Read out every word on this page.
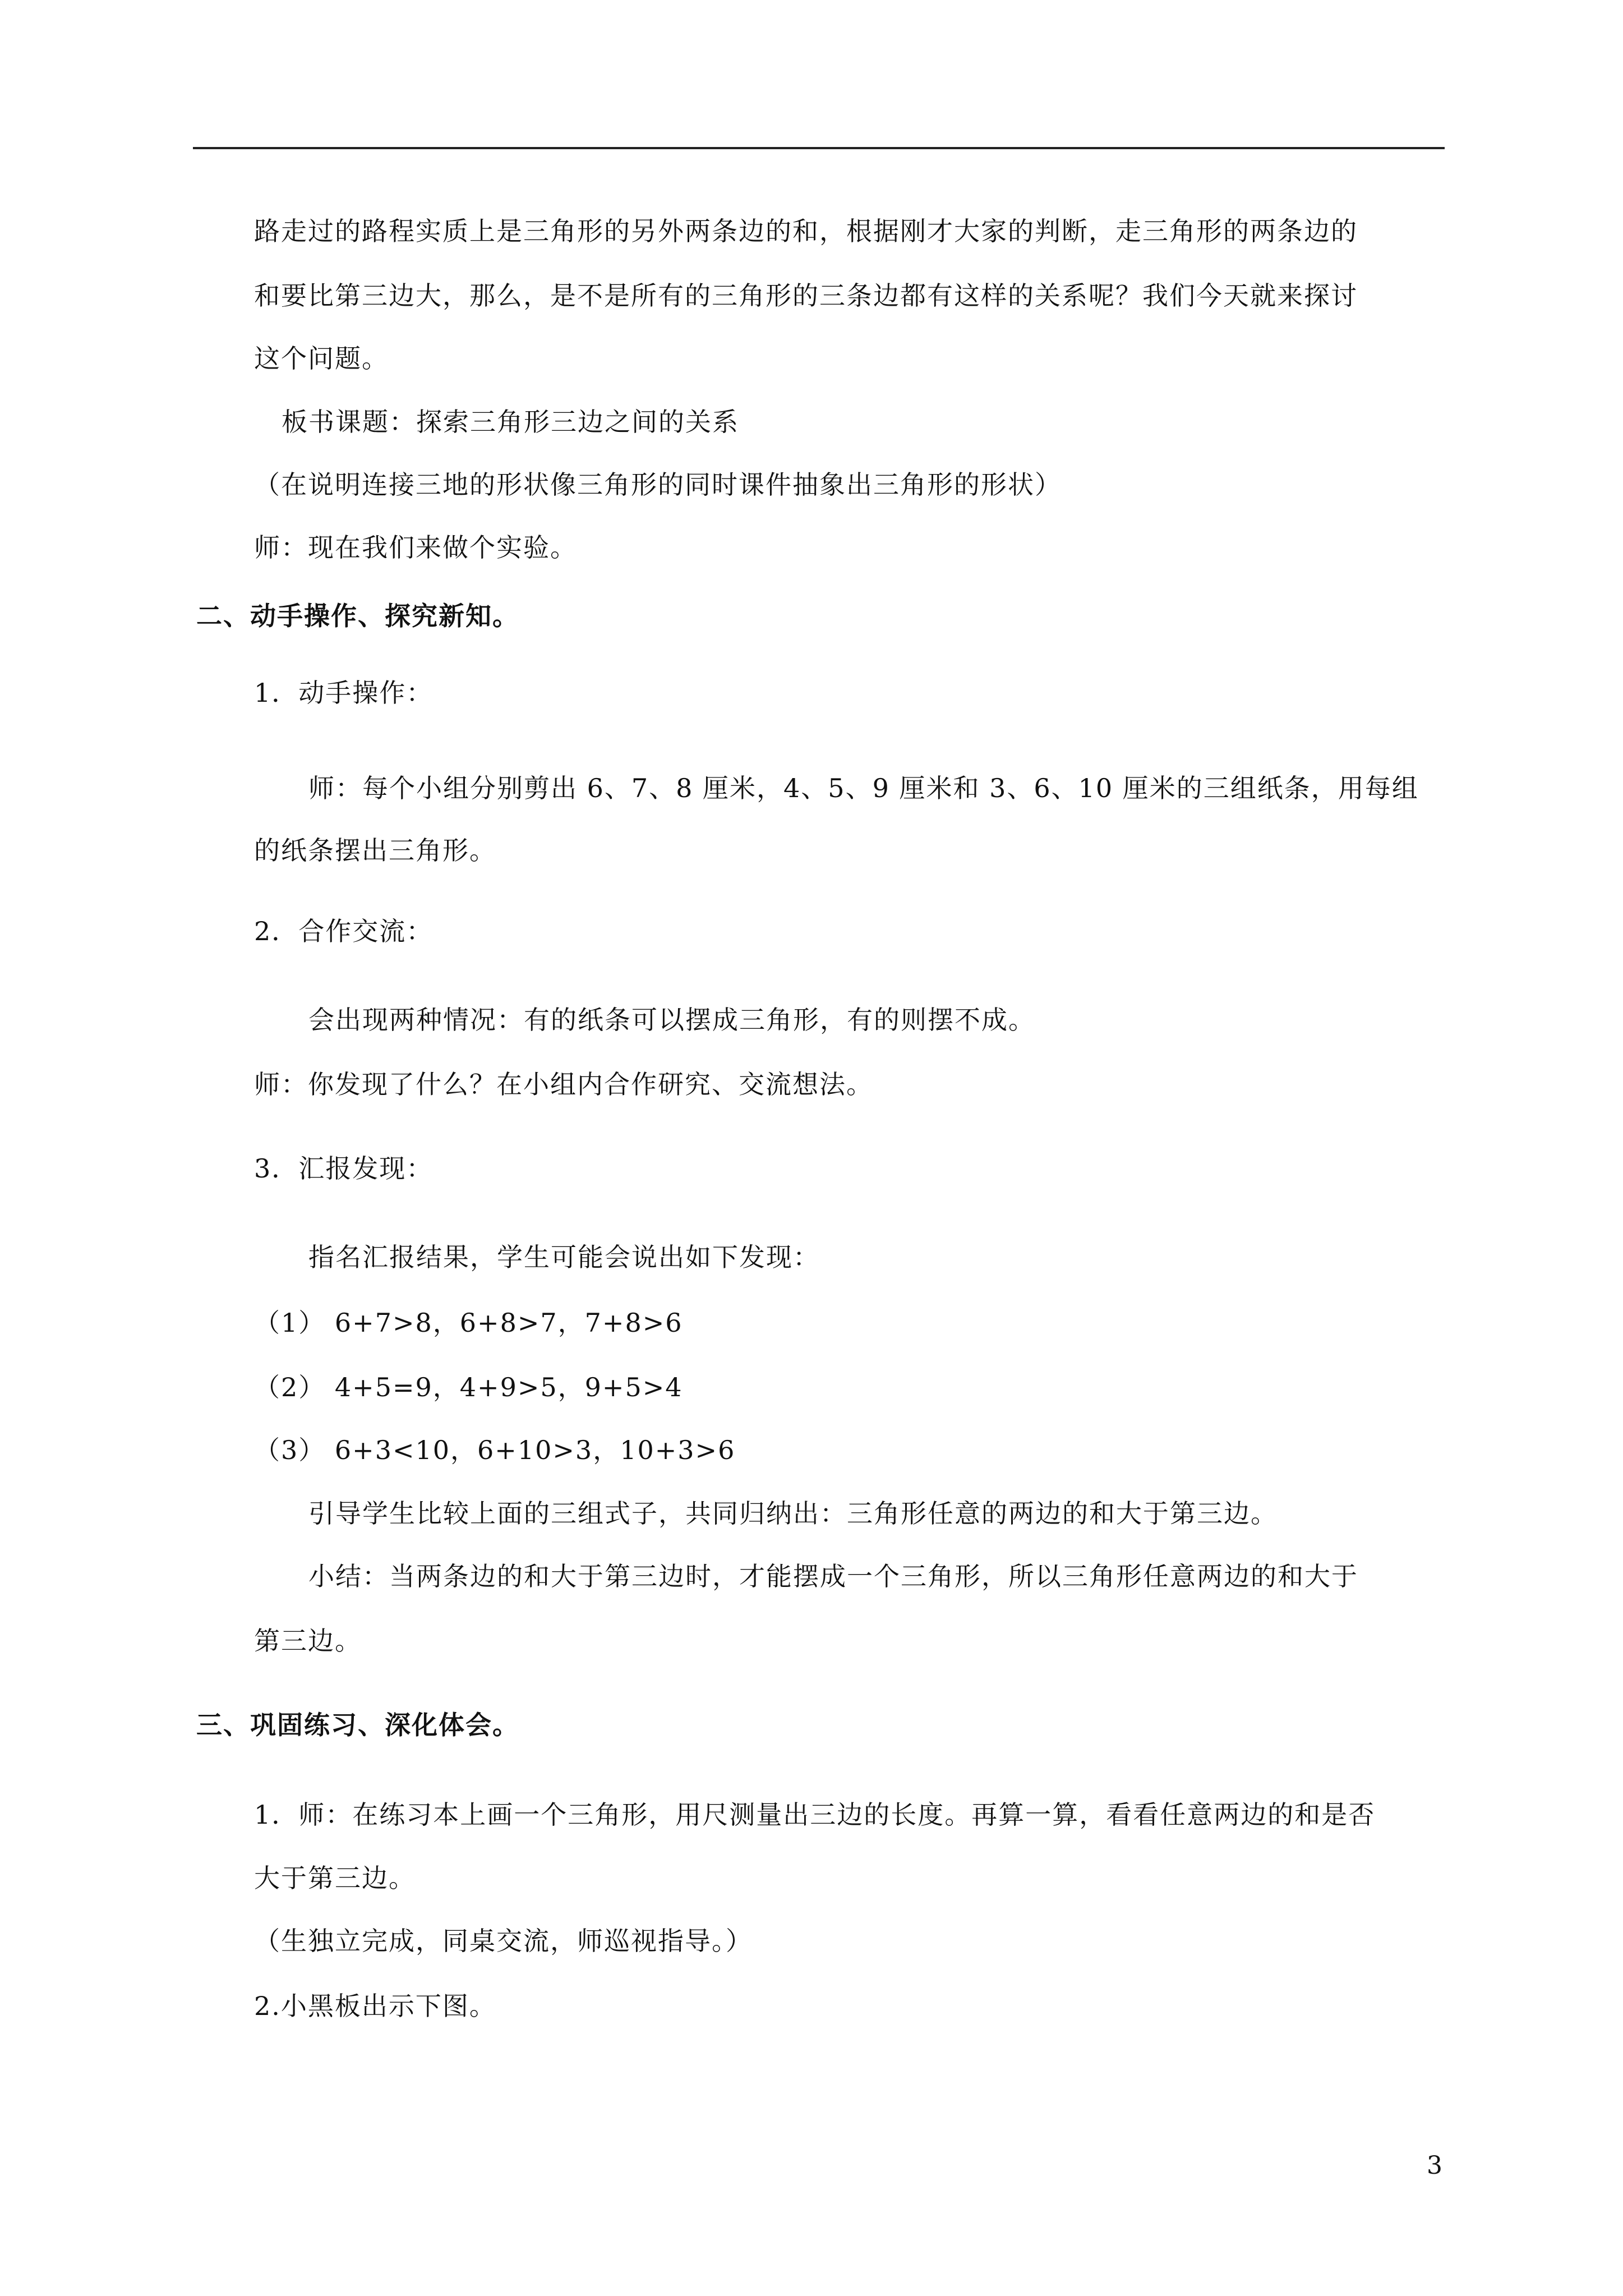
路走过的路程实质上是三角形的另外两条边的和，根据刚才大家的判断，走三角形的两条边的
和要比第三边大，那么，是不是所有的三角形的三条边都有这样的关系呢？我们今天就来探讨
这个问题。
板书课题：探索三角形三边之间的关系
（在说明连接三地的形状像三角形的同时课件抽象出三角形的形状）
师：现在我们来做个实验。
二、动手操作、探究新知。
1．动手操作：
师：每个小组分别剪出 6、7、8 厘米，4、5、9 厘米和 3、6、10 厘米的三组纸条，用每组
的纸条摆出三角形。
2．合作交流：
会出现两种情况：有的纸条可以摆成三角形，有的则摆不成。
师：你发现了什么？在小组内合作研究、交流想法。
3．汇报发现：
指名汇报结果，学生可能会说出如下发现：
（1） 6+7>8，6+8>7，7+8>6
（2） 4+5=9，4+9>5，9+5>4
（3） 6+3<10，6+10>3，10+3>6
引导学生比较上面的三组式子，共同归纳出：三角形任意的两边的和大于第三边。
小结：当两条边的和大于第三边时，才能摆成一个三角形，所以三角形任意两边的和大于
第三边。
三、巩固练习、深化体会。
1．师：在练习本上画一个三角形，用尺测量出三边的长度。再算一算，看看任意两边的和是否
大于第三边。
（生独立完成，同桌交流，师巡视指导。）
2.小黑板出示下图。
3
